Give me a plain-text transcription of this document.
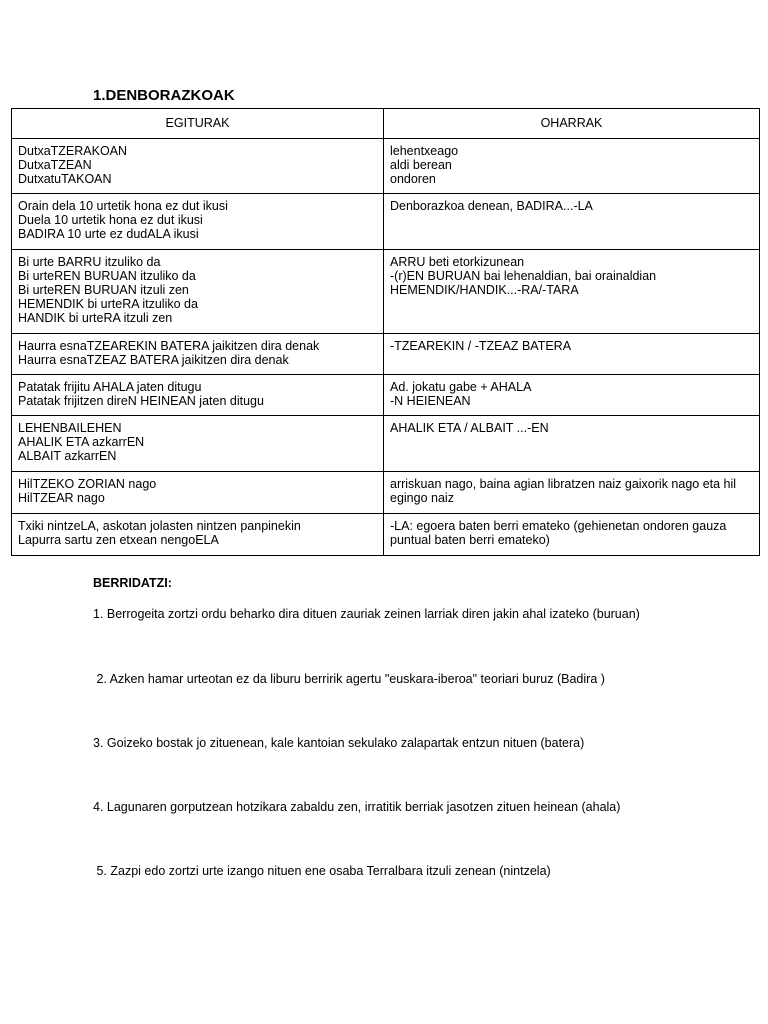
1.DENBORAZKOAK
EGITURAK	OHARRAK

DutxaTZERAKOAN
DutxaTZEAN
DutxatuTAKOAN	lehentxeago
aldi berean
ondoren

Orain dela 10 urtetik hona ez dut ikusi
Duela 10 urtetik hona ez dut ikusi
BADIRA 10 urte ez dudALA ikusi	Denborazkoa denean, BADIRA...-LA

Bi urte BARRU itzuliko da
Bi urteREN BURUAN itzuliko da
Bi urteREN BURUAN itzuli zen
HEMENDIK bi urteRA itzuliko da
HANDIK bi urteRA itzuli zen	ARRU beti etorkizunean
-(r)EN BURUAN bai lehenaldian, bai orainaldian
HEMENDIK/HANDIK...-RA/-TARA

Haurra esnaTZEAREKIN BATERA jaikitzen dira denak
Haurra esnaTZEAZ BATERA jaikitzen dira denak	-TZEAREKIN / -TZEAZ BATERA

Patatak frijitu AHALA jaten ditugu
Patatak frijitzen direN HEINEAN jaten ditugu	Ad. jokatu gabe + AHALA
-N HEIENEAN

LEHENBAILEHEN
AHALIK ETA azkarrEN
ALBAIT azkarrEN	AHALIK ETA / ALBAIT ...-EN

HilTZEKO ZORIAN nago
HilTZEAR nago	arriskuan nago, baina agian libratzen naiz gaixorik nago eta hil egingo naiz

Txiki nintzeLA, askotan jolasten nintzen panpinekin
Lapurra sartu zen etxean nengoELA	-LA: egoera baten berri emateko (gehienetan ondoren gauza puntual baten berri emateko)

BERRIDATZI:

1. Berrogeita zortzi ordu beharko dira dituen zauriak zeinen larriak diren jakin ahal izateko (buruan)

2. Azken hamar urteotan ez da liburu berririk agertu "euskara-iberoa" teoriari buruz (Badira )

3. Goizeko bostak jo zituenean, kale kantoian sekulako zalapartak entzun nituen (batera)

4. Lagunaren gorputzean hotzikara zabaldu zen, irratitik berriak jasotzen zituen heinean (ahala)

5. Zazpi edo zortzi urte izango nituen ene osaba Terralbara itzuli zenean (nintzela)
